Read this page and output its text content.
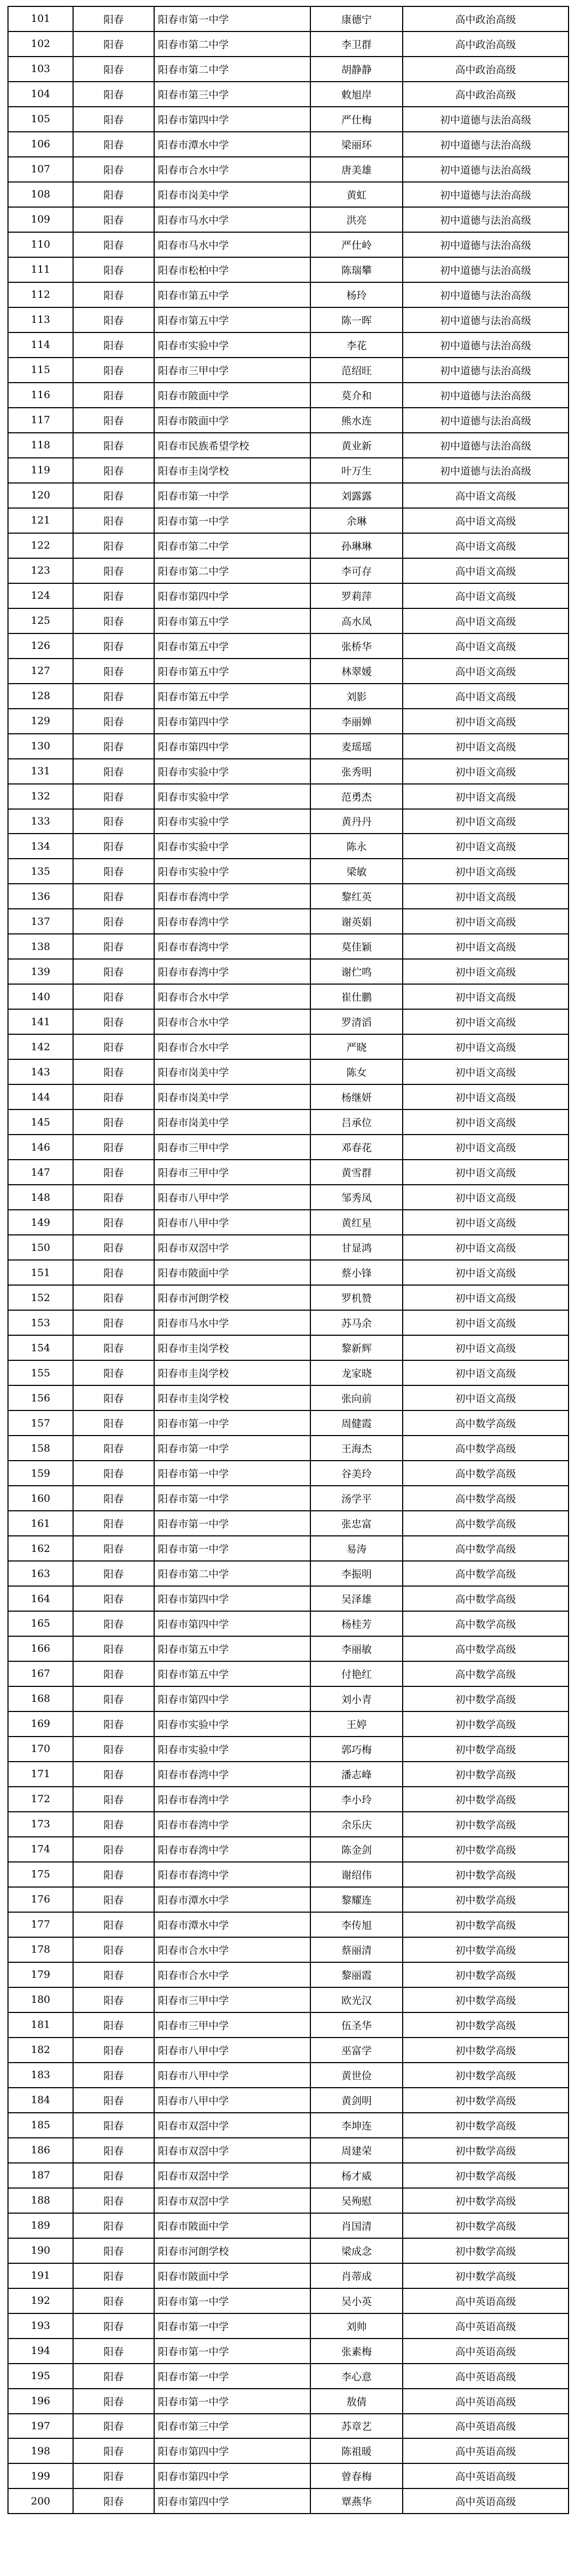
101	阳春	阳春市第一中学	康德宁	高中政治高级
102	阳春	阳春市第二中学	李卫群	高中政治高级
103	阳春	阳春市第二中学	胡静静	高中政治高级
104	阳春	阳春市第三中学	敕旭岸	高中政治高级
105	阳春	阳春市第四中学	严仕梅	初中道德与法治高级
106	阳春	阳春市潭水中学	梁丽环	初中道德与法治高级
107	阳春	阳春市合水中学	唐美雄	初中道德与法治高级
108	阳春	阳春市岗美中学	黄虹	初中道德与法治高级
109	阳春	阳春市马水中学	洪亮	初中道德与法治高级
110	阳春	阳春市马水中学	严仕岭	初中道德与法治高级
111	阳春	阳春市松柏中学	陈瑞攀	初中道德与法治高级
112	阳春	阳春市第五中学	杨玲	初中道德与法治高级
113	阳春	阳春市第五中学	陈一晖	初中道德与法治高级
114	阳春	阳春市实验中学	李花	初中道德与法治高级
115	阳春	阳春市三甲中学	范绍旺	初中道德与法治高级
116	阳春	阳春市陂面中学	莫介和	初中道德与法治高级
117	阳春	阳春市陂面中学	熊水连	初中道德与法治高级
118	阳春	阳春市民族希望学校	黄业新	初中道德与法治高级
119	阳春	阳春市圭岗学校	叶万生	初中道德与法治高级
120	阳春	阳春市第一中学	刘露露	高中语文高级
121	阳春	阳春市第一中学	余琳	高中语文高级
122	阳春	阳春市第二中学	孙琳琳	高中语文高级
123	阳春	阳春市第二中学	李可存	高中语文高级
124	阳春	阳春市第四中学	罗莉萍	高中语文高级
125	阳春	阳春市第五中学	高水凤	高中语文高级
126	阳春	阳春市第五中学	张桥华	高中语文高级
127	阳春	阳春市第五中学	林翠媛	高中语文高级
128	阳春	阳春市第五中学	刘影	高中语文高级
129	阳春	阳春市第四中学	李丽婵	初中语文高级
130	阳春	阳春市第四中学	麦瑶瑶	初中语文高级
131	阳春	阳春市实验中学	张秀明	初中语文高级
132	阳春	阳春市实验中学	范勇杰	初中语文高级
133	阳春	阳春市实验中学	黄丹丹	初中语文高级
134	阳春	阳春市实验中学	陈永	初中语文高级
135	阳春	阳春市实验中学	梁敏	初中语文高级
136	阳春	阳春市春湾中学	黎红英	初中语文高级
137	阳春	阳春市春湾中学	谢英娟	初中语文高级
138	阳春	阳春市春湾中学	莫佳颖	初中语文高级
139	阳春	阳春市春湾中学	谢伫鸣	初中语文高级
140	阳春	阳春市合水中学	崔仕鹏	初中语文高级
141	阳春	阳春市合水中学	罗清滔	初中语文高级
142	阳春	阳春市合水中学	严晓	初中语文高级
143	阳春	阳春市岗美中学	陈女	初中语文高级
144	阳春	阳春市岗美中学	杨继妍	初中语文高级
145	阳春	阳春市岗美中学	吕承位	初中语文高级
146	阳春	阳春市三甲中学	邓春花	初中语文高级
147	阳春	阳春市三甲中学	黄雪群	初中语文高级
148	阳春	阳春市八甲中学	邹秀凤	初中语文高级
149	阳春	阳春市八甲中学	黄红星	初中语文高级
150	阳春	阳春市双滘中学	甘显鸿	初中语文高级
151	阳春	阳春市陂面中学	蔡小锋	初中语文高级
152	阳春	阳春市河朗学校	罗机赞	初中语文高级
153	阳春	阳春市马水中学	苏马余	初中语文高级
154	阳春	阳春市圭岗学校	黎新辉	初中语文高级
155	阳春	阳春市圭岗学校	龙家晓	初中语文高级
156	阳春	阳春市圭岗学校	张向前	初中语文高级
157	阳春	阳春市第一中学	周健霞	高中数学高级
158	阳春	阳春市第一中学	王海杰	高中数学高级
159	阳春	阳春市第一中学	谷美玲	高中数学高级
160	阳春	阳春市第一中学	汤学平	高中数学高级
161	阳春	阳春市第一中学	张忠富	高中数学高级
162	阳春	阳春市第一中学	易涛	高中数学高级
163	阳春	阳春市第二中学	李振明	高中数学高级
164	阳春	阳春市第四中学	吴泽雄	高中数学高级
165	阳春	阳春市第四中学	杨桂芳	高中数学高级
166	阳春	阳春市第五中学	李丽敏	高中数学高级
167	阳春	阳春市第五中学	付艳红	高中数学高级
168	阳春	阳春市第四中学	刘小青	初中数学高级
169	阳春	阳春市实验中学	王婷	初中数学高级
170	阳春	阳春市实验中学	郭巧梅	初中数学高级
171	阳春	阳春市春湾中学	潘志峰	初中数学高级
172	阳春	阳春市春湾中学	李小玲	初中数学高级
173	阳春	阳春市春湾中学	余乐庆	初中数学高级
174	阳春	阳春市春湾中学	陈金剑	初中数学高级
175	阳春	阳春市春湾中学	谢绍伟	初中数学高级
176	阳春	阳春市潭水中学	黎耀连	初中数学高级
177	阳春	阳春市潭水中学	李传旭	初中数学高级
178	阳春	阳春市合水中学	蔡丽清	初中数学高级
179	阳春	阳春市合水中学	黎丽霞	初中数学高级
180	阳春	阳春市三甲中学	欧光汉	初中数学高级
181	阳春	阳春市三甲中学	伍圣华	初中数学高级
182	阳春	阳春市八甲中学	巫富学	初中数学高级
183	阳春	阳春市八甲中学	黄世俭	初中数学高级
184	阳春	阳春市八甲中学	黄剑明	初中数学高级
185	阳春	阳春市双滘中学	李坤连	初中数学高级
186	阳春	阳春市双滘中学	周建荣	初中数学高级
187	阳春	阳春市双滘中学	杨才威	初中数学高级
188	阳春	阳春市双滘中学	吴殉慰	初中数学高级
189	阳春	阳春市陂面中学	肖国清	初中数学高级
190	阳春	阳春市河朗学校	梁成念	初中数学高级
191	阳春	阳春市陂面中学	肖蒂成	初中数学高级
192	阳春	阳春市第一中学	吴小英	高中英语高级
193	阳春	阳春市第一中学	刘帅	高中英语高级
194	阳春	阳春市第一中学	张素梅	高中英语高级
195	阳春	阳春市第一中学	李心意	高中英语高级
196	阳春	阳春市第一中学	敖倩	高中英语高级
197	阳春	阳春市第三中学	苏章艺	高中英语高级
198	阳春	阳春市第四中学	陈祖暖	高中英语高级
199	阳春	阳春市第四中学	曾春梅	高中英语高级
200	阳春	阳春市第四中学	覃燕华	高中英语高级
